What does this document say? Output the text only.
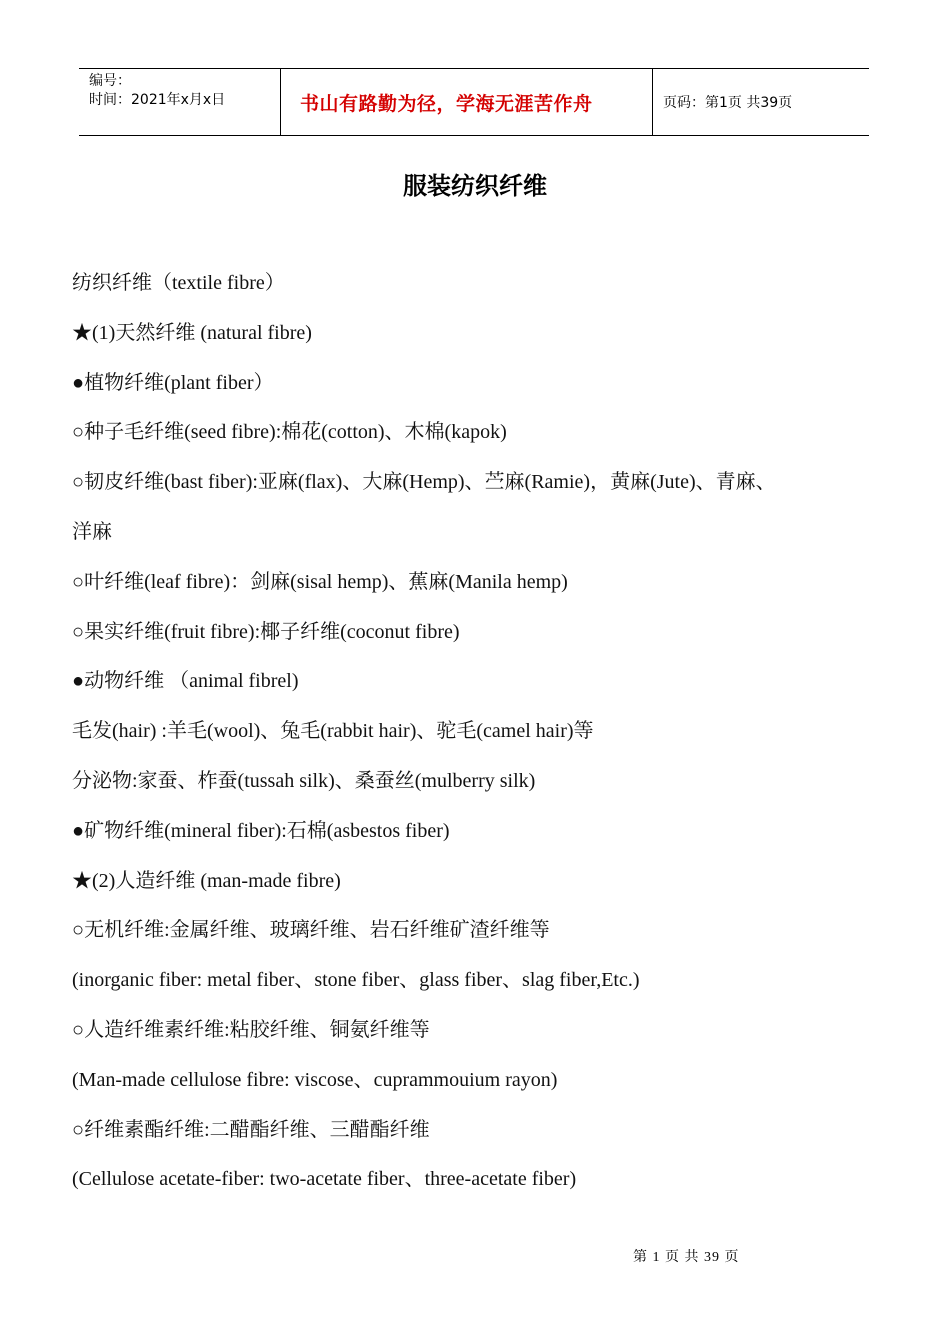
编号：
时间：2021年x月x日	书山有路勤为径，学海无涯苦作舟	页码：第1页 共39页
服装纺织纤维
纺织纤维（textile fibre）
★(1)天然纤维 (natural fibre)
●植物纤维(plant fiber）
○种子毛纤维(seed fibre):棉花(cotton)、木棉(kapok)
○韧皮纤维(bast fiber):亚麻(flax)、大麻(Hemp)、苎麻(Ramie)，黄麻(Jute)、青麻、
洋麻
○叶纤维(leaf fibre)：剑麻(sisal hemp)、蕉麻(Manila hemp)
○果实纤维(fruit fibre):椰子纤维(coconut fibre)
●动物纤维 （animal fibrel)
毛发(hair) :羊毛(wool)、兔毛(rabbit hair)、驼毛(camel hair)等
分泌物:家蚕、柞蚕(tussah silk)、桑蚕丝(mulberry silk)
●矿物纤维(mineral fiber):石棉(asbestos fiber)
★(2)人造纤维 (man-made fibre)
○无机纤维:金属纤维、玻璃纤维、岩石纤维矿渣纤维等
(inorganic fiber: metal fiber、stone fiber、glass fiber、slag fiber,Etc.)
○人造纤维素纤维:粘胶纤维、铜氨纤维等
(Man-made cellulose fibre: viscose、cuprammouium rayon)
○纤维素酯纤维:二醋酯纤维、三醋酯纤维
(Cellulose acetate-fiber: two-acetate fiber、three-acetate fiber)
第 1 页 共 39 页
